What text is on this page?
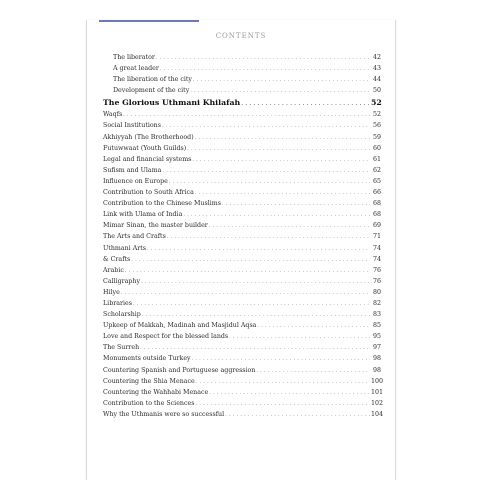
CONTENTS
The liberator . . .	42
A great leader . . .	43
The liberation of the city . . .	44
Development of the city . . .	50
The Glorious Uthmani Khilafah . . .	52
Waqfs . . .	52
Social Institutions . . .	56
Akhiyyah (The Brotherhood) . . .	59
Futuwwaat (Youth Guilds) . . .	60
Legal and financial systems . . .	61
Sufism and Ulama . . .	62
Influence on Europe . . .	65
Contribution to South Africa . . .	66
Contribution to the Chinese Muslims . . .	68
Link with Ulama of India . . .	68
Mimar Sinan, the master builder . . .	69
The Arts and Crafts . . .	71
Uthmani Arts . . .	74
& Crafts . . .	74
Arabic . . .	76
Calligraphy . . .	76
Hilye . . .	80
Libraries . . .	82
Scholarship . . .	83
Upkeep of Makkah, Madinah and Masjidul Aqsa . . .	85
Love and Respect for the blessed lands . . .	95
The Surreh . . .	97
Monuments outside Turkey . . .	98
Countering Spanish and Portuguese aggression . . .	98
Countering the Shia Menace . . .	100
Countering the Wahhabi Menace . . .	101
Contribution to the Sciences . . .	102
Why the Uthmanis were so successful . . .	104
